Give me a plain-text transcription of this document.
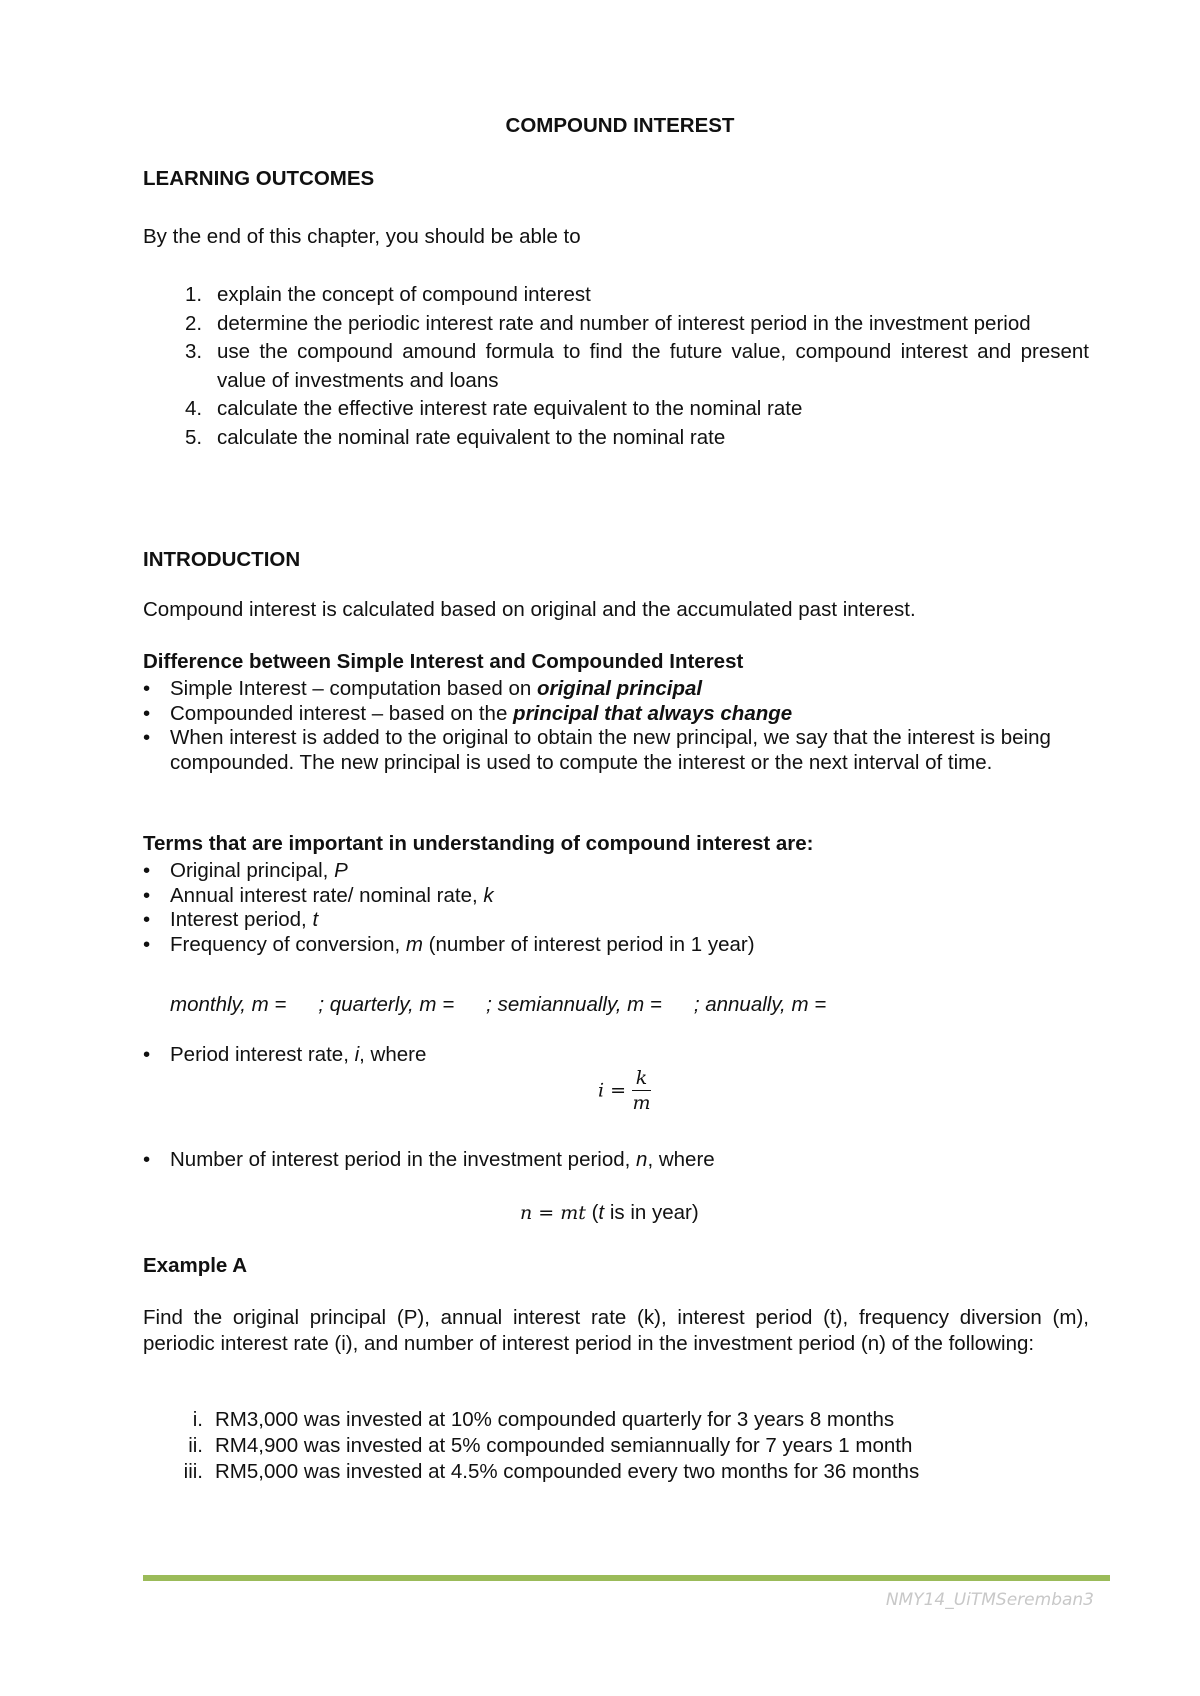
COMPOUND INTEREST
LEARNING OUTCOMES
By the end of this chapter, you should be able to
1. explain the concept of compound interest
2. determine the periodic interest rate and number of interest period in the investment period
3. use the compound amound formula to find the future value, compound interest and present value of investments and loans
4. calculate the effective interest rate equivalent to the nominal rate
5. calculate the nominal rate equivalent to the nominal rate
INTRODUCTION
Compound interest is calculated based on original and the accumulated past interest.
Difference between Simple Interest and Compounded Interest
• Simple Interest – computation based on original principal
• Compounded interest – based on the principal that always change
• When interest is added to the original to obtain the new principal, we say that the interest is being compounded. The new principal is used to compute the interest or the next interval of time.
Terms that are important in understanding of compound interest are:
• Original principal, P
• Annual interest rate/ nominal rate, k
• Interest period, t
• Frequency of conversion, m (number of interest period in 1 year)
monthly, m = ; quarterly, m = ; semiannually, m = ; annually, m =
• Period interest rate, i, where
$i = \frac{k}{m}$
• Number of interest period in the investment period, n, where
n = mt (t is in year)
Example A
Find the original principal (P), annual interest rate (k), interest period (t), frequency diversion (m), periodic interest rate (i), and number of interest period in the investment period (n) of the following:
i. RM3,000 was invested at 10% compounded quarterly for 3 years 8 months
ii. RM4,900 was invested at 5% compounded semiannually for 7 years 1 month
iii. RM5,000 was invested at 4.5% compounded every two months for 36 months
NMY14_UiTMSeremban3
